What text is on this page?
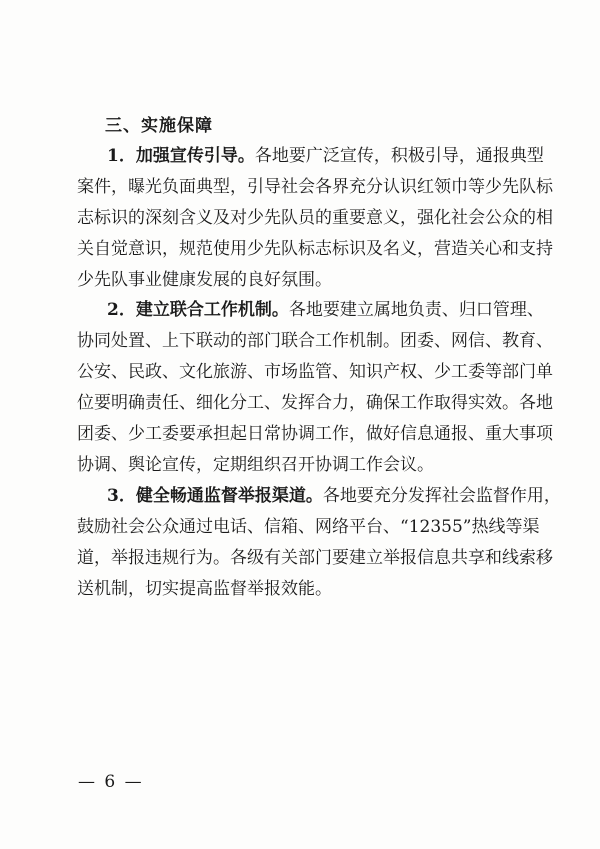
三、实施保障
1．加强宣传引导。各地要广泛宣传，积极引导，通报典型
案件，曝光负面典型，引导社会各界充分认识红领巾等少先队标
志标识的深刻含义及对少先队员的重要意义，强化社会公众的相
关自觉意识，规范使用少先队标志标识及名义，营造关心和支持
少先队事业健康发展的良好氛围。
2．建立联合工作机制。各地要建立属地负责、归口管理、
协同处置、上下联动的部门联合工作机制。团委、网信、教育、
公安、民政、文化旅游、市场监管、知识产权、少工委等部门单
位要明确责任、细化分工、发挥合力，确保工作取得实效。各地
团委、少工委要承担起日常协调工作，做好信息通报、重大事项
协调、舆论宣传，定期组织召开协调工作会议。
3．健全畅通监督举报渠道。各地要充分发挥社会监督作用，
鼓励社会公众通过电话、信箱、网络平台、“12355”热线等渠
道，举报违规行为。各级有关部门要建立举报信息共享和线索移
送机制，切实提高监督举报效能。
— 6 —
